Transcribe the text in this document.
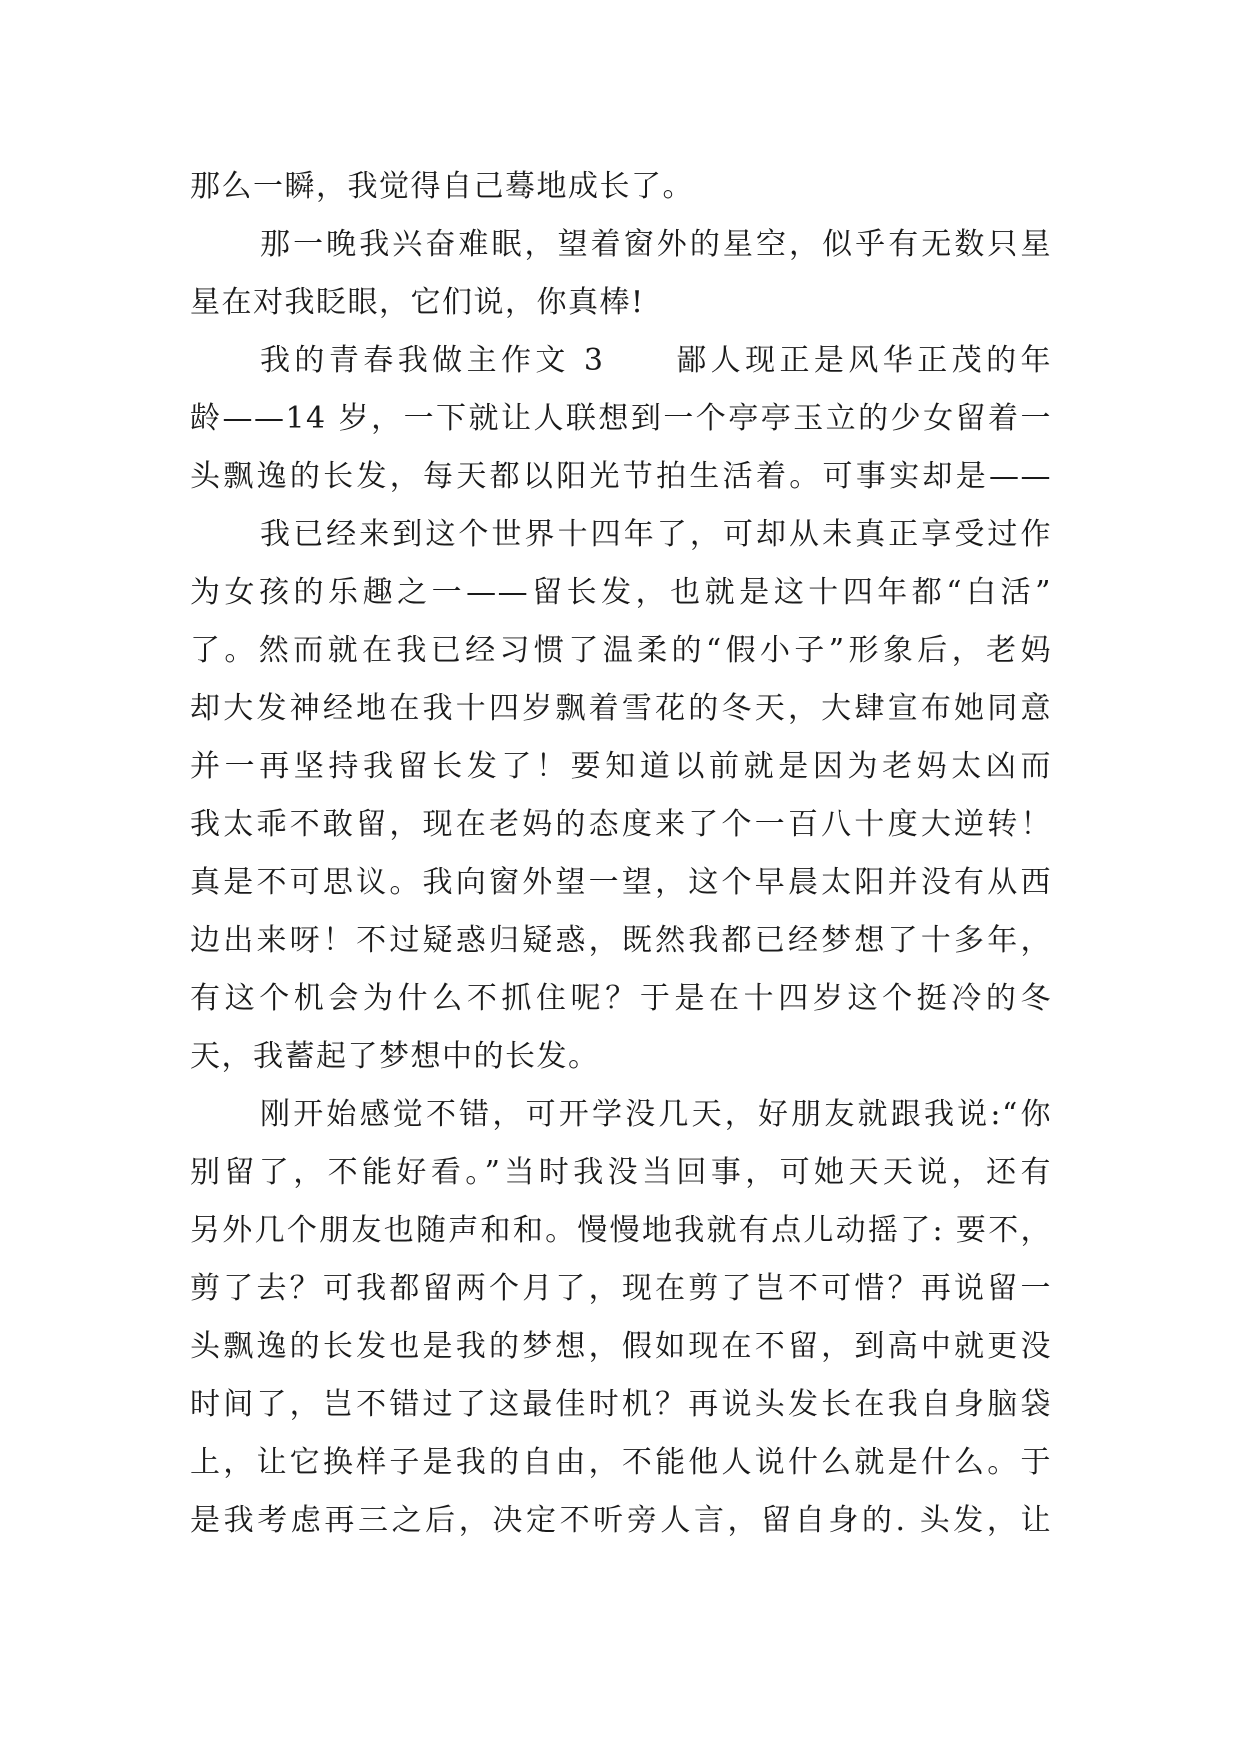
那么一瞬，我觉得自己蓦地成长了。
那一晚我兴奋难眠，望着窗外的星空，似乎有无数只星
星在对我眨眼，它们说，你真棒!
我的青春我做主作文 3　　鄙人现正是风华正茂的年
龄——14 岁，一下就让人联想到一个亭亭玉立的少女留着一
头飘逸的长发，每天都以阳光节拍生活着。可事实却是——
我已经来到这个世界十四年了，可却从未真正享受过作
为女孩的乐趣之一——留长发，也就是这十四年都“白活”
了。然而就在我已经习惯了温柔的“假小子”形象后，老妈
却大发神经地在我十四岁飘着雪花的冬天，大肆宣布她同意
并一再坚持我留长发了！要知道以前就是因为老妈太凶而
我太乖不敢留，现在老妈的态度来了个一百八十度大逆转！
真是不可思议。我向窗外望一望，这个早晨太阳并没有从西
边出来呀！不过疑惑归疑惑，既然我都已经梦想了十多年，
有这个机会为什么不抓住呢？于是在十四岁这个挺冷的冬
天，我蓄起了梦想中的长发。
刚开始感觉不错，可开学没几天，好朋友就跟我说:“你
别留了，不能好看。”当时我没当回事，可她天天说，还有
另外几个朋友也随声和和。慢慢地我就有点儿动摇了: 要不，
剪了去？可我都留两个月了，现在剪了岂不可惜？再说留一
头飘逸的长发也是我的梦想，假如现在不留，到高中就更没
时间了，岂不错过了这最佳时机？再说头发长在我自身脑袋
上，让它换样子是我的自由，不能他人说什么就是什么。于
是我考虑再三之后，决定不听旁人言，留自身的. 头发，让
